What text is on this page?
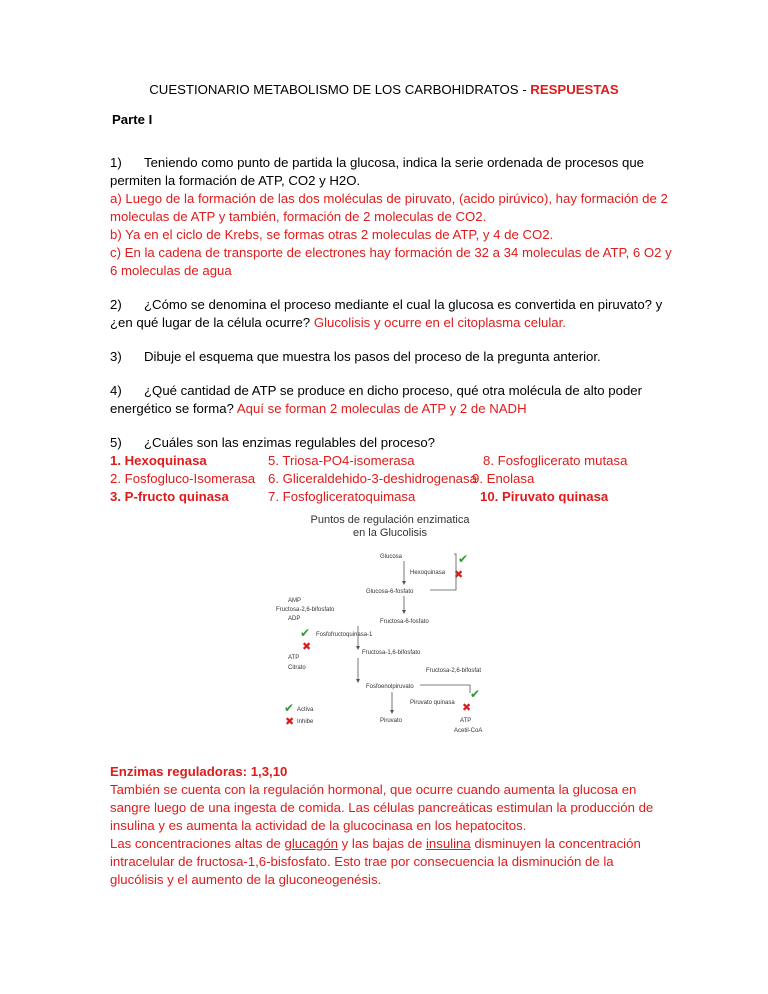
CUESTIONARIO METABOLISMO DE LOS CARBOHIDRATOS - RESPUESTAS
Parte I
1) Teniendo como punto de partida la glucosa, indica la serie ordenada de procesos que
permiten la formación de ATP, CO2 y H2O.
a) Luego de la formación de las dos moléculas de piruvato, (acido pirúvico), hay formación de 2
moleculas de ATP y también, formación de 2 moleculas de CO2.
b) Ya en el ciclo de Krebs, se formas otras 2 moleculas de ATP, y 4 de CO2.
c) En la cadena de transporte de electrones hay formación de 32 a 34 moleculas de ATP, 6 O2 y
6 moleculas de agua
2) ¿Cómo se denomina el proceso mediante el cual la glucosa es convertida en piruvato? y
¿en qué lugar de la célula ocurre? Glucolisis y ocurre en el citoplasma celular.
3) Dibuje el esquema que muestra los pasos del proceso de la pregunta anterior.
4) ¿Qué cantidad de ATP se produce en dicho proceso, qué otra molécula de alto poder
energético se forma? Aquí se forman 2 moleculas de ATP y 2 de NADH
5) ¿Cuáles son las enzimas regulables del proceso?
1. Hexoquinasa
2. Fosfogluco-Isomerasa
3. P-fructo quinasa
5. Triosa-PO4-isomerasa
6. Gliceraldehido-3-deshidrogenasa
7. Fosfogliceratoquimasa
8. Fosfoglicerato mutasa
9. Enolasa
10. Piruvato quinasa
Puntos de regulación enzimatica
en la Glucolisis
Glucosa
Hexoquinasa
✔
✖
Glucosa-6-fosfato
AMP
Fructosa-2,6-bifosfato
ADP
✔ Fosfofructoquinasa-1
✖
ATP
Citrato
Fructosa-6-fosfato
Fructosa-1,6-bifosfato
Fructosa-2,6-bifosfat
Fosfoenolpiruvato	✔
Piruvato quinasa ✖
Piruvato	ATP
Acetil-CoA
✔ Activa
✖ Inhibe
Enzimas reguladoras: 1,3,10
También se cuenta con la regulación hormonal, que ocurre cuando aumenta la glucosa en
sangre luego de una ingesta de comida. Las células pancreáticas estimulan la producción de
insulina y es aumenta la actividad de la glucocinasa en los hepatocitos.
Las concentraciones altas de glucagón y las bajas de insulina disminuyen la concentración
intracelular de fructosa-1,6-bisfosfato. Esto trae por consecuencia la disminución de la
glucólisis y el aumento de la gluconeogenésis.
